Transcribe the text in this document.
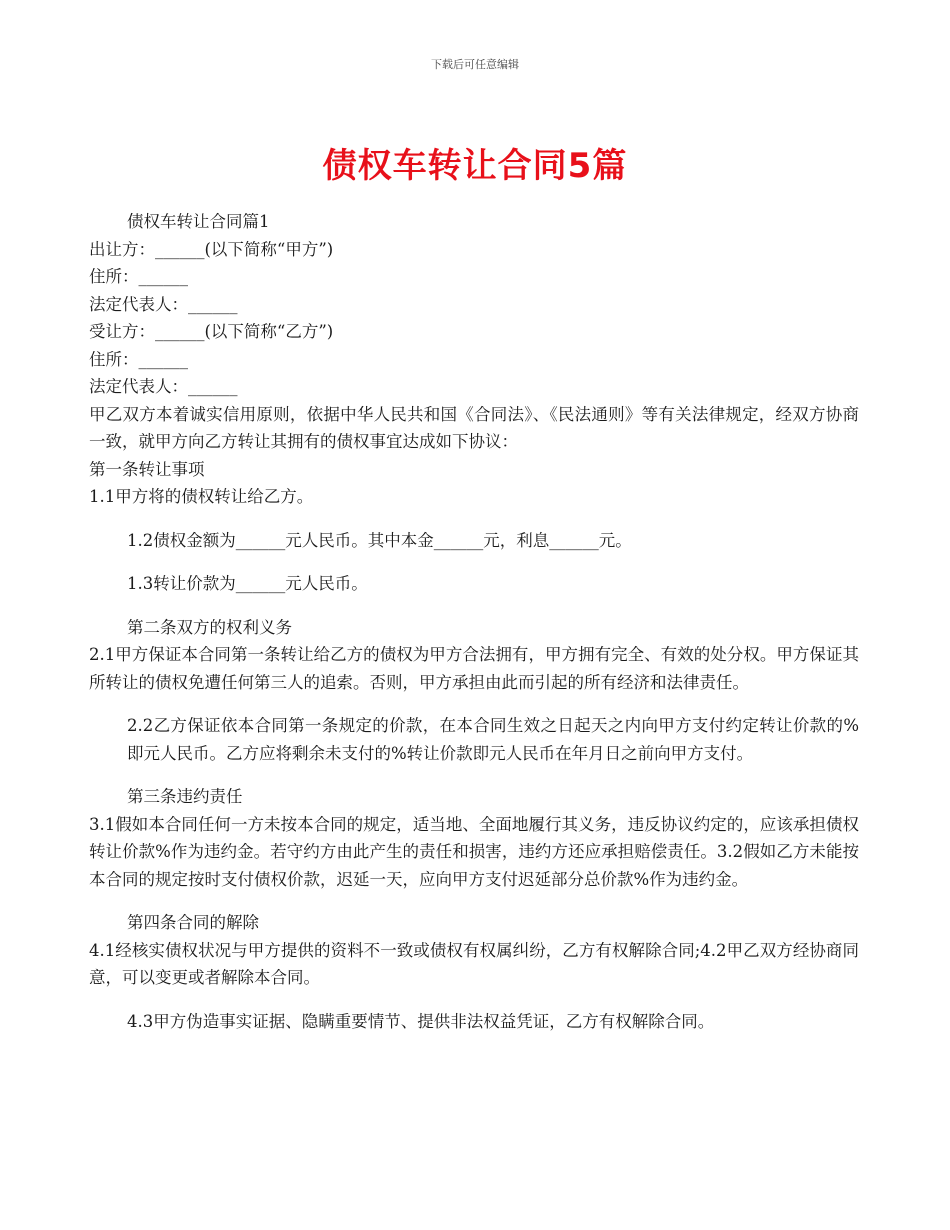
下载后可任意编辑
债权车转让合同5篇

债权车转让合同篇1

出让方：______(以下简称“甲方”)

住所：______

法定代表人：______

受让方：______(以下简称“乙方”)

住所：______

法定代表人：______

甲乙双方本着诚实信用原则，依据中华人民共和国《合同法》、《民法通则》等有关法律规定，经双方协商一致，就甲方向乙方转让其拥有的债权事宜达成如下协议：

第一条转让事项

1.1甲方将的债权转让给乙方。

1.2债权金额为______元人民币。其中本金______元，利息______元。

1.3转让价款为______元人民币。

第二条双方的权利义务

2.1甲方保证本合同第一条转让给乙方的债权为甲方合法拥有，甲方拥有完全、有效的处分权。甲方保证其所转让的债权免遭任何第三人的追索。否则，甲方承担由此而引起的所有经济和法律责任。

2.2乙方保证依本合同第一条规定的价款，在本合同生效之日起天之内向甲方支付约定转让价款的%即元人民币。乙方应将剩余未支付的%转让价款即元人民币在年月日之前向甲方支付。

第三条违约责任

3.1假如本合同任何一方未按本合同的规定，适当地、全面地履行其义务，违反协议约定的，应该承担债权转让价款%作为违约金。若守约方由此产生的责任和损害，违约方还应承担赔偿责任。3.2假如乙方未能按本合同的规定按时支付债权价款，迟延一天，应向甲方支付迟延部分总价款%作为违约金。

第四条合同的解除

4.1经核实债权状况与甲方提供的资料不一致或债权有权属纠纷，乙方有权解除合同;4.2甲乙双方经协商同意，可以变更或者解除本合同。

4.3甲方伪造事实证据、隐瞒重要情节、提供非法权益凭证，乙方有权解除合同。
